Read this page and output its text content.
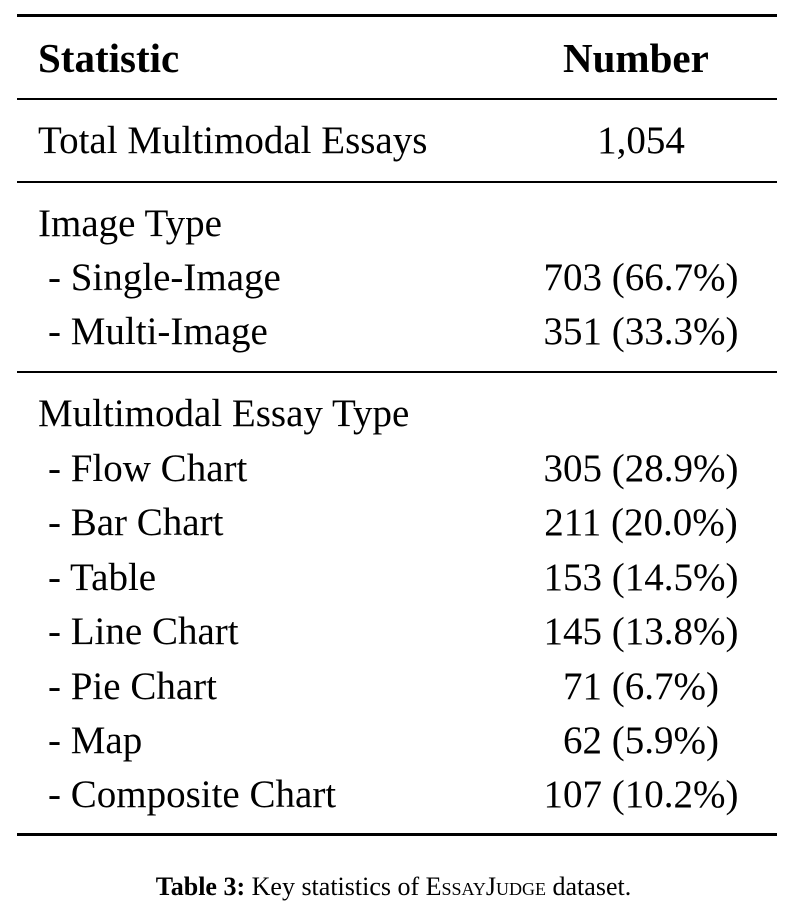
Statistic	Number
Total Multimodal Essays	1,054
Image Type
- Single-Image	703 (66.7%)
- Multi-Image	351 (33.3%)
Multimodal Essay Type
- Flow Chart	305 (28.9%)
- Bar Chart	211 (20.0%)
- Table	153 (14.5%)
- Line Chart	145 (13.8%)
- Pie Chart	71 (6.7%)
- Map	62 (5.9%)
- Composite Chart	107 (10.2%)
Table 3: Key statistics of EssayJudge dataset.
